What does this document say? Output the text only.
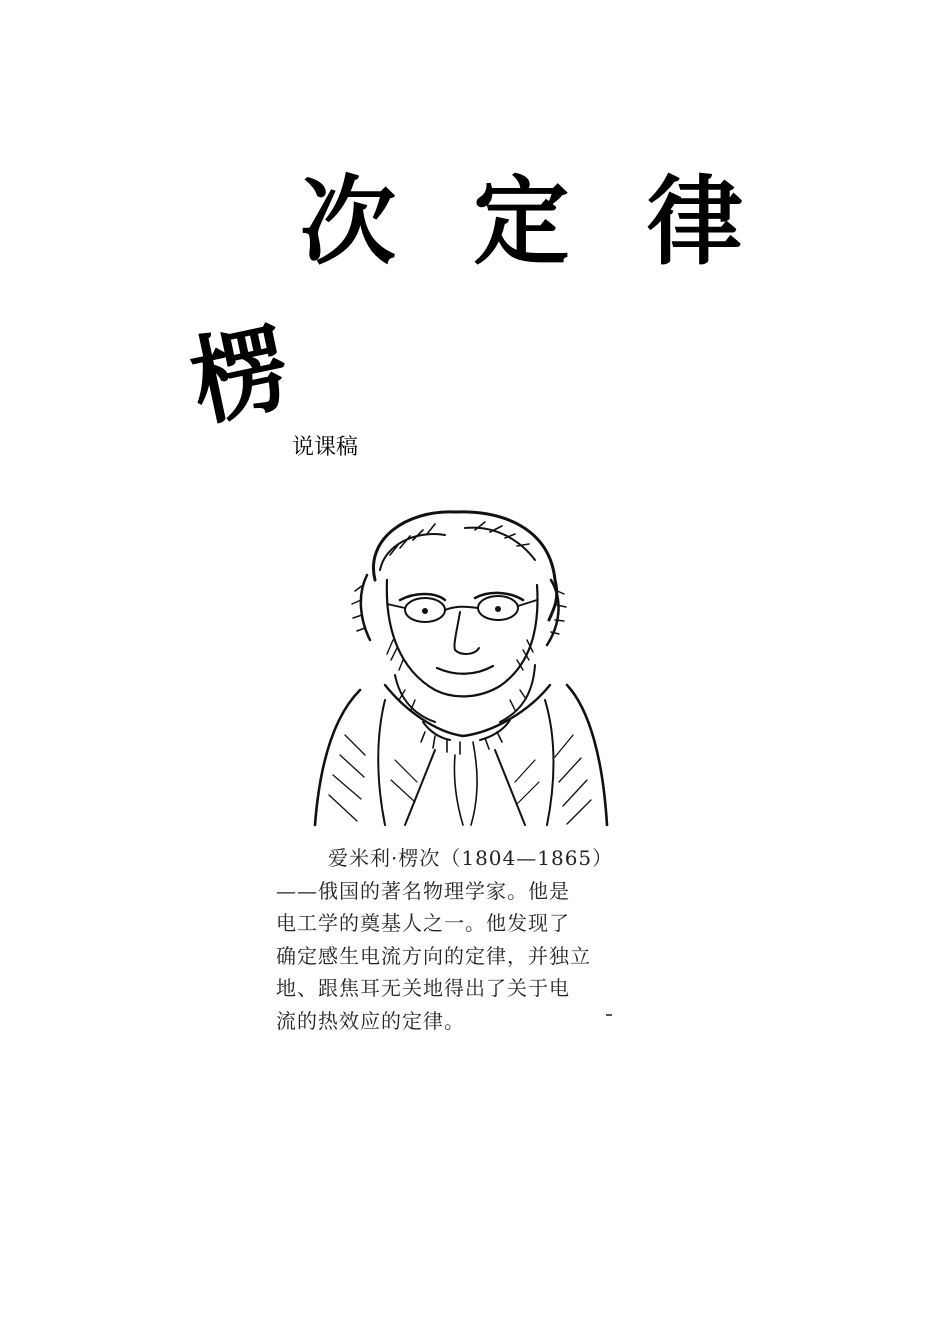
次 定 律
楞
说课稿
爱米利·楞次（1804—1865）
——俄国的著名物理学家。他是
电工学的奠基人之一。他发现了
确定感生电流方向的定律，并独立
地、跟焦耳无关地得出了关于电
流的热效应的定律。
